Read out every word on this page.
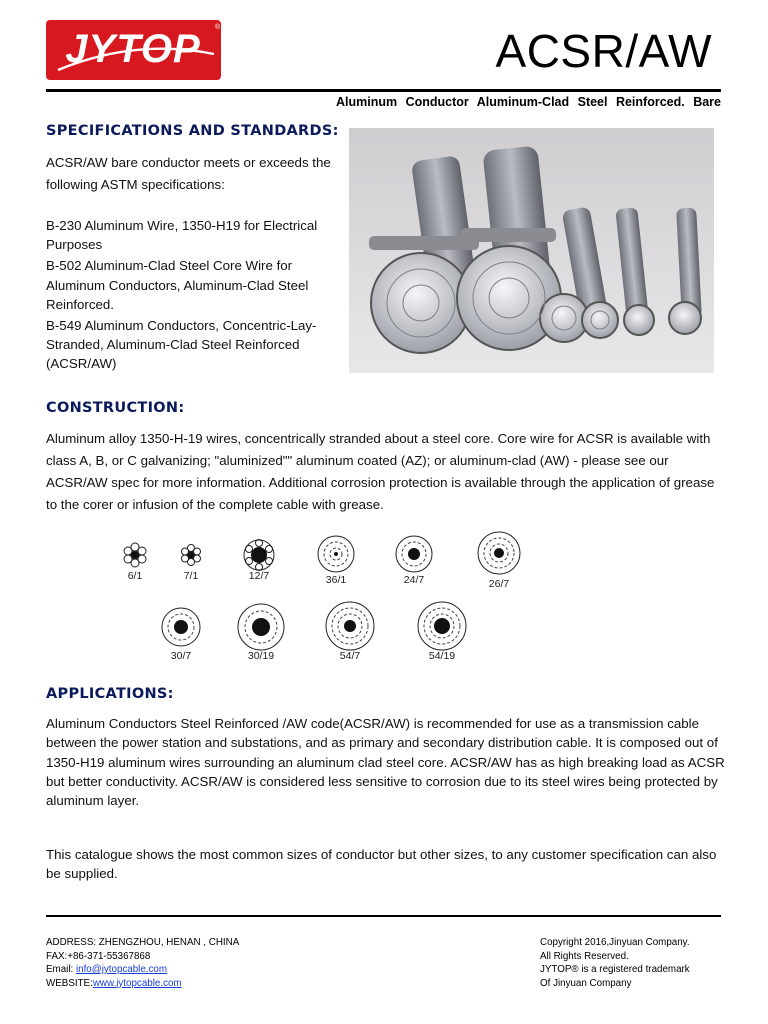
JYTOP ®	ACSR/AW
Aluminum Conductor Aluminum-Clad Steel Reinforced. Bare
SPECIFICATIONS AND STANDARDS:
ACSR/AW bare conductor meets or exceeds the following ASTM specifications:
B-230 Aluminum Wire, 1350-H19 for Electrical Purposes
B-502 Aluminum-Clad Steel Core Wire for Aluminum Conductors, Aluminum-Clad Steel Reinforced.
B-549 Aluminum Conductors, Concentric-Lay-Stranded, Aluminum-Clad Steel Reinforced (ACSR/AW)
CONSTRUCTION:
Aluminum alloy 1350-H-19 wires, concentrically stranded about a steel core. Core wire for ACSR is available with class A, B, or C galvanizing; "aluminized"" aluminum coated (AZ); or aluminum-clad (AW) - please see our ACSR/AW spec for more information. Additional corrosion protection is available through the application of grease to the corer or infusion of the complete cable with grease.
6/1	7/1	12/7	36/1	24/7	26/7
30/7	30/19	54/7	54/19
APPLICATIONS:
Aluminum Conductors Steel Reinforced /AW code(ACSR/AW) is recommended for use as a transmission cable between the power station and substations, and as primary and secondary distribution cable. It is composed out of 1350-H19 aluminum wires surrounding an aluminum clad steel core. ACSR/AW has as high breaking load as ACSR but better conductivity. ACSR/AW is considered less sensitive to corrosion due to its steel wires being protected by aluminum layer.
This catalogue shows the most common sizes of conductor but other sizes, to any customer specification can also be supplied.
ADDRESS: ZHENGZHOU, HENAN , CHINA
FAX:+86-371-55367868
Email: info@jytopcable.com
WEBSITE:www.jytopcable.com
Copyright 2016,Jinyuan Company.
All Rights Reserved.
JYTOP® is a registered trademark
Of Jinyuan Company
